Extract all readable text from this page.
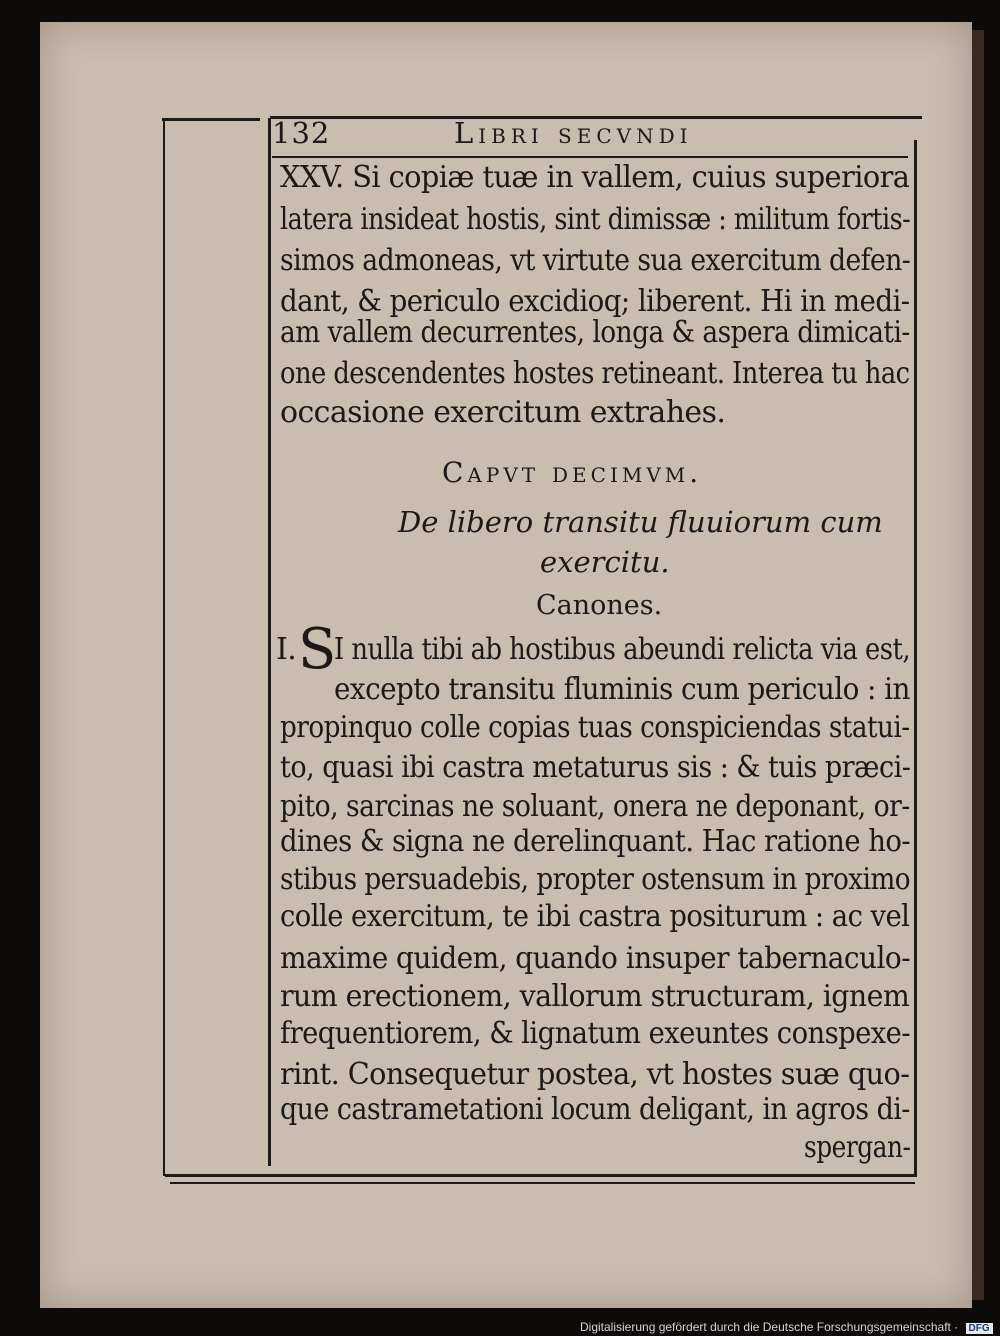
132	Libri secvndi
XXV. Si copiæ tuæ in vallem, cuius superiora
latera insideat hostis, sint dimissæ : militum fortis-
simos admoneas, vt virtute sua exercitum defen-
dant, & periculo excidioq; liberent. Hi in medi-
am vallem decurrentes, longa & aspera dimicati-
one descendentes hostes retineant. Interea tu hac
occasione exercitum extrahes.
Capvt decimvm.
De libero transitu fluuiorum cum
exercitu.
Canones.
I. S
I nulla tibi ab hostibus abeundi relicta via est,
excepto transitu fluminis cum periculo : in
propinquo colle copias tuas conspiciendas statui-
to, quasi ibi castra metaturus sis : & tuis præci-
pito, sarcinas ne soluant, onera ne deponant, or-
dines & signa ne derelinquant. Hac ratione ho-
stibus persuadebis, propter ostensum in proximo
colle exercitum, te ibi castra positurum : ac vel
maxime quidem, quando insuper tabernaculo-
rum erectionem, vallorum structuram, ignem
frequentiorem, & lignatum exeuntes conspexe-
rint. Consequetur postea, vt hostes suæ quo-
que castrametationi locum deligant, in agros di-
spergan-
Digitalisierung gefördert durch die Deutsche Forschungsgemeinschaft · DFG
